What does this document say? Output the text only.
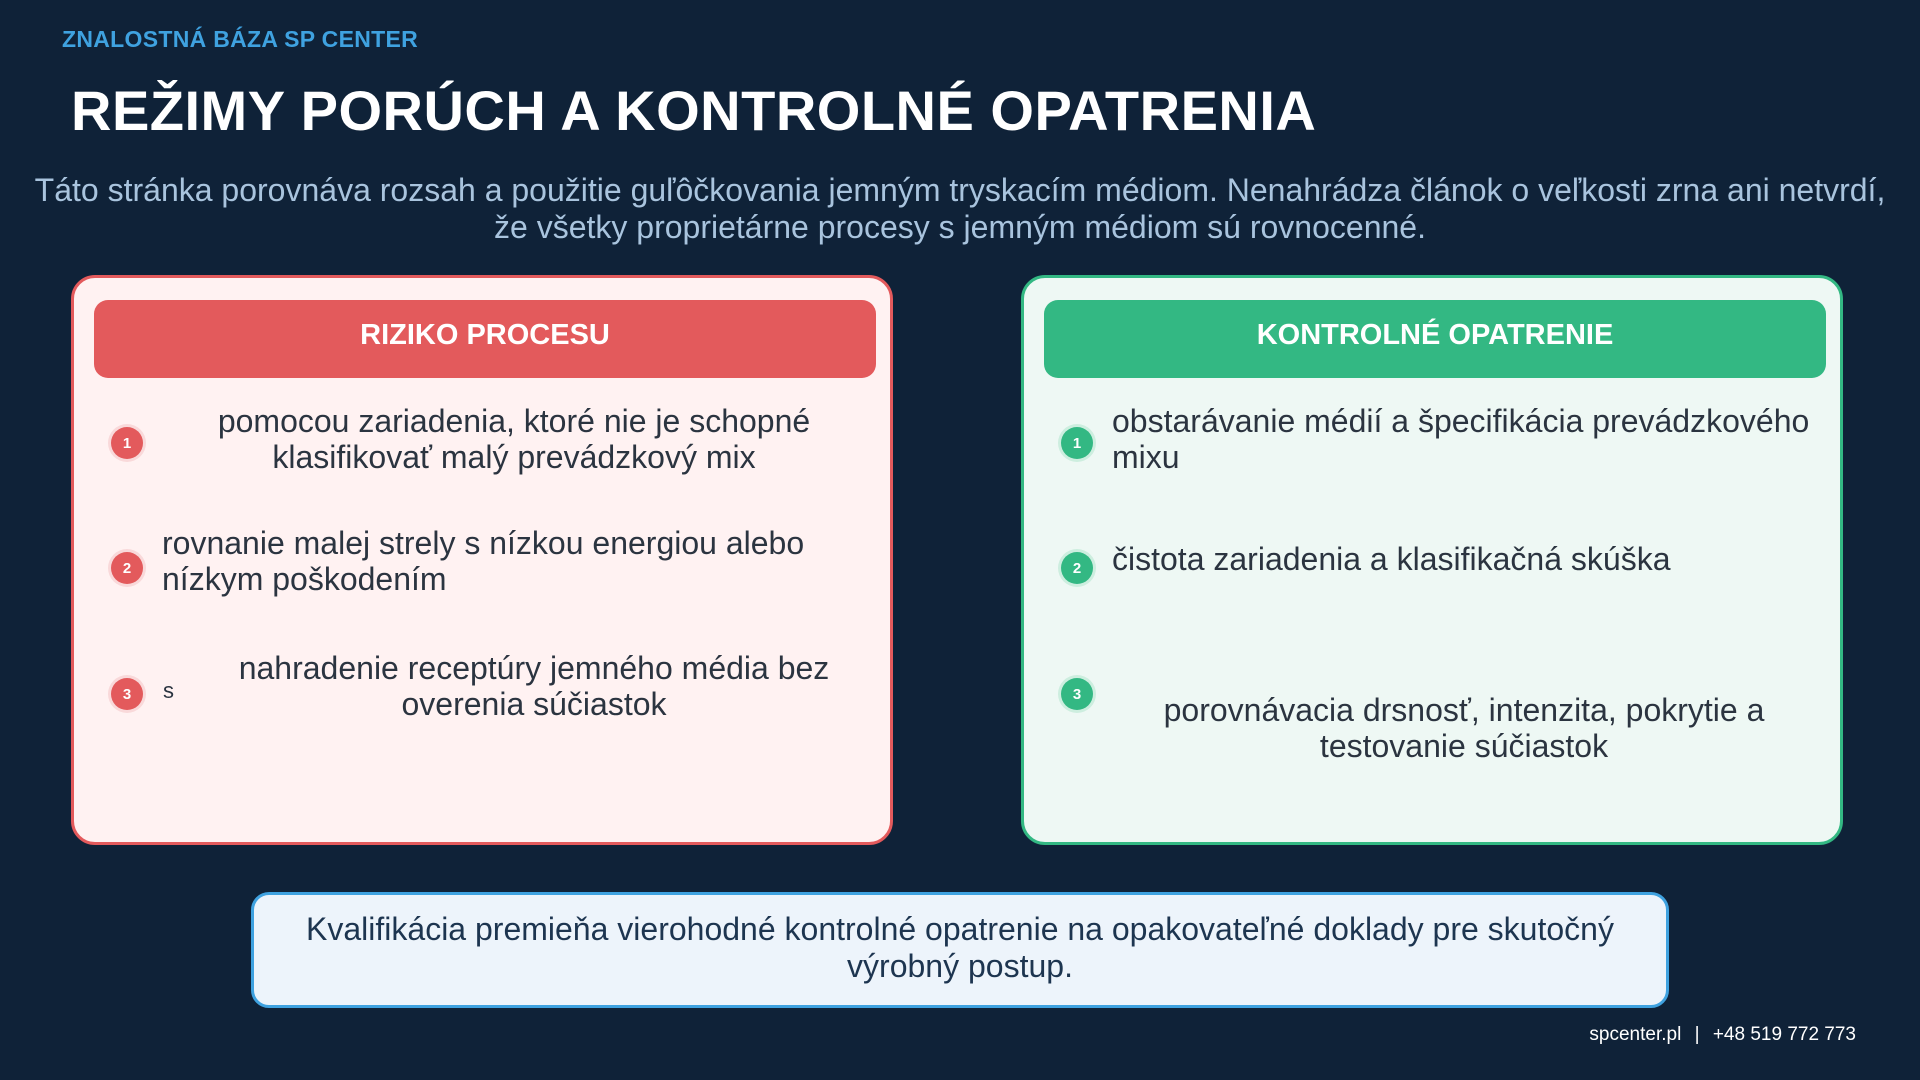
ZNALOSTNÁ BÁZA SP CENTER
REŽIMY PORÚCH A KONTROLNÉ OPATRENIA
Táto stránka porovnáva rozsah a použitie guľôčkovania jemným tryskacím médiom. Nenahrádza článok o veľkosti zrna ani netvrdí, že všetky proprietárne procesy s jemným médiom sú rovnocenné.
RIZIKO PROCESU
1
pomocou zariadenia, ktoré nie je schopné klasifikovať malý prevádzkový mix
2
rovnanie malej strely s nízkou energiou alebo nízkym poškodením
3	s
nahradenie receptúry jemného média bez overenia súčiastok
KONTROLNÉ OPATRENIE
1
obstarávanie médií a špecifikácia prevádzkového mixu
2 čistota zariadenia a klasifikačná skúška
3	porovnávacia drsnosť, intenzita, pokrytie a testovanie súčiastok
Kvalifikácia premieňa vierohodné kontrolné opatrenie na opakovateľné doklady pre skutočný výrobný postup.
spcenter.pl | +48 519 772 773
